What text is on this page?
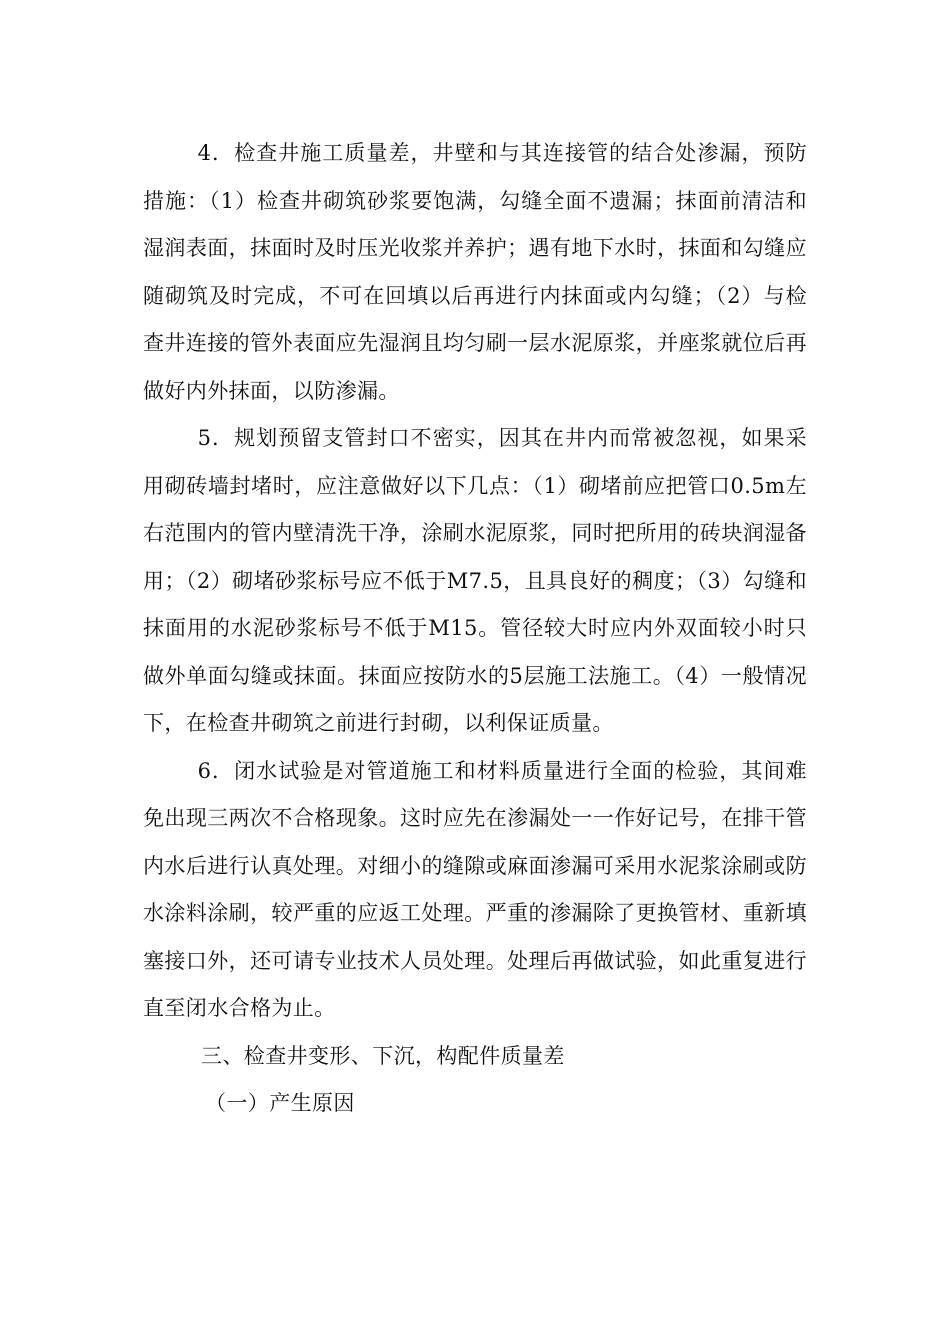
4．检查井施工质量差，井壁和与其连接管的结合处渗漏，预防措施：（1）检查井砌筑砂浆要饱满，勾缝全面不遗漏；抹面前清洁和湿润表面，抹面时及时压光收浆并养护；遇有地下水时，抹面和勾缝应随砌筑及时完成，不可在回填以后再进行内抹面或内勾缝；（2）与检查井连接的管外表面应先湿润且均匀刷一层水泥原浆，并座浆就位后再做好内外抹面，以防渗漏。

5．规划预留支管封口不密实，因其在井内而常被忽视，如果采用砌砖墙封堵时，应注意做好以下几点：（1）砌堵前应把管口0.5m左右范围内的管内壁清洗干净，涂刷水泥原浆，同时把所用的砖块润湿备用；（2）砌堵砂浆标号应不低于M7.5，且具良好的稠度；（3）勾缝和抹面用的水泥砂浆标号不低于M15。管径较大时应内外双面较小时只做外单面勾缝或抹面。抹面应按防水的5层施工法施工。（4）一般情况下，在检查井砌筑之前进行封砌，以利保证质量。

6．闭水试验是对管道施工和材料质量进行全面的检验，其间难免出现三两次不合格现象。这时应先在渗漏处一一作好记号，在排干管内水后进行认真处理。对细小的缝隙或麻面渗漏可采用水泥浆涂刷或防水涂料涂刷，较严重的应返工处理。严重的渗漏除了更换管材、重新填塞接口外，还可请专业技术人员处理。处理后再做试验，如此重复进行直至闭水合格为止。

三、检查井变形、下沉，构配件质量差

（一）产生原因
